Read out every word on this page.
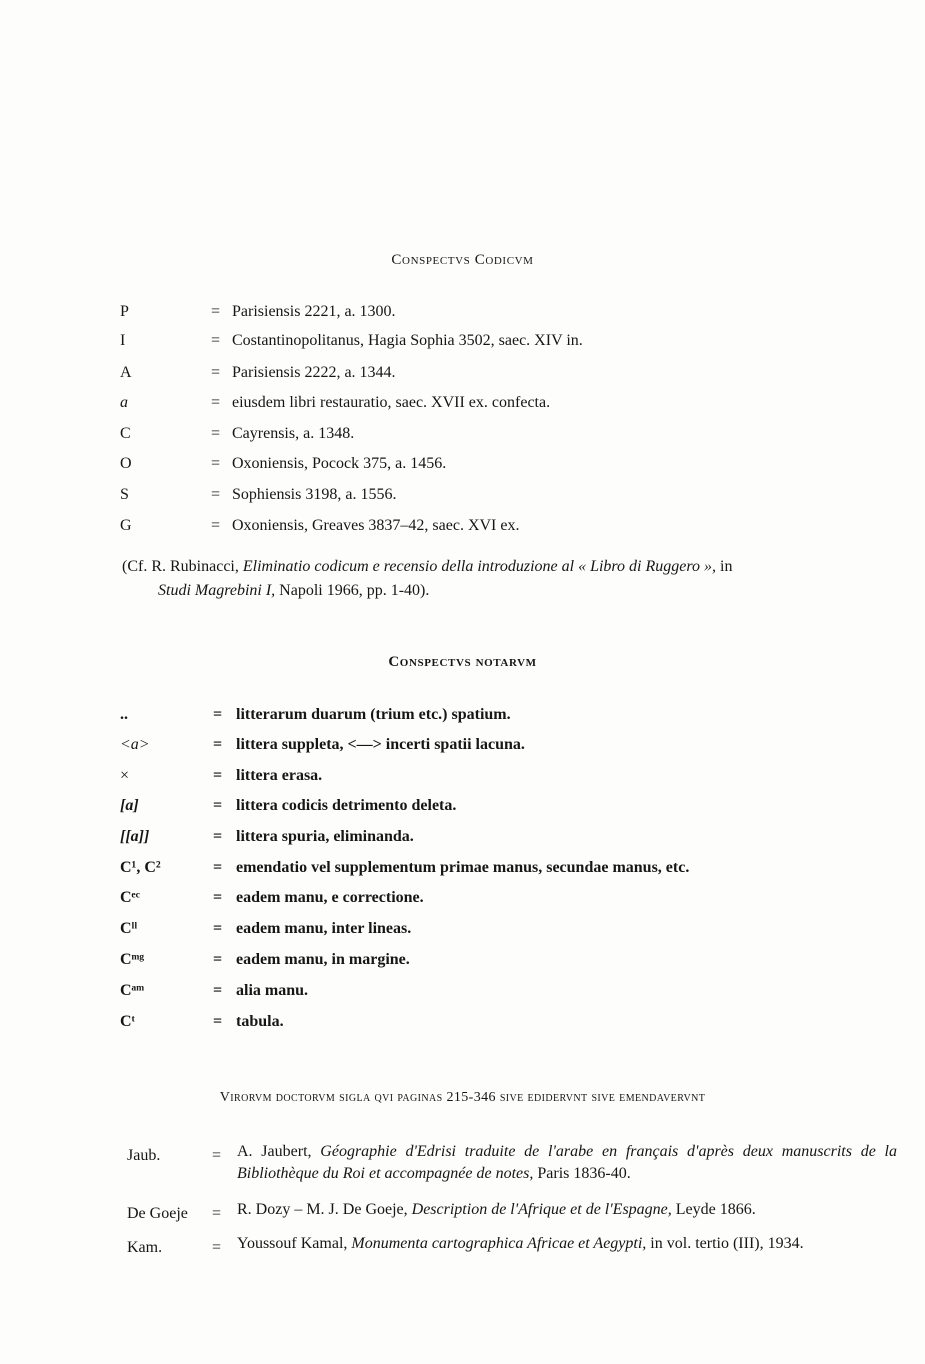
Conspectvs Codicvm
P	= Parisiensis 2221, a. 1300.
I	= Costantinopolitanus, Hagia Sophia 3502, saec. XIV in.
A	= Parisiensis 2222, a. 1344.
a	= eiusdem libri restauratio, saec. XVII ex. confecta.
C	= Cayrensis, a. 1348.
O	= Oxoniensis, Pocock 375, a. 1456.
S	= Sophiensis 3198, a. 1556.
G	= Oxoniensis, Greaves 3837–42, saec. XVI ex.
(Cf. R. Rubinacci, Eliminatio codicum e recensio della introduzione al « Libro di Ruggero », in
Studi Magrebini I, Napoli 1966, pp. 1-40).
Conspectvs notarvm
..	= litterarum duarum (trium etc.) spatium.
<a>	= littera suppleta, <—> incerti spatii lacuna.
×	= littera erasa.
[a]	= littera codicis detrimento deleta.
[[a]]	= littera spuria, eliminanda.
C¹, C²	= emendatio vel supplementum primae manus, secundae manus, etc.
Cᵉᶜ	= eadem manu, e correctione.
Cˡˡ	= eadem manu, inter lineas.
Cᵐᵍ	= eadem manu, in margine.
Cᵃᵐ	= alia manu.
Cᵗ	= tabula.
Virorvm doctorvm sigla qvi paginas 215-346 sive edidervnt sive emendavervnt
Jaub.	= A. Jaubert, Géographie d'Edrisi traduite de l'arabe en français d'après deux manuscrits de la Bibliothèque du Roi et accompagnée de notes, Paris 1836-40.
De Goeje = R. Dozy – M. J. De Goeje, Description de l'Afrique et de l'Espagne, Leyde 1866.
Kam.	= Youssouf Kamal, Monumenta cartographica Africae et Aegypti, in vol. tertio (III), 1934.
